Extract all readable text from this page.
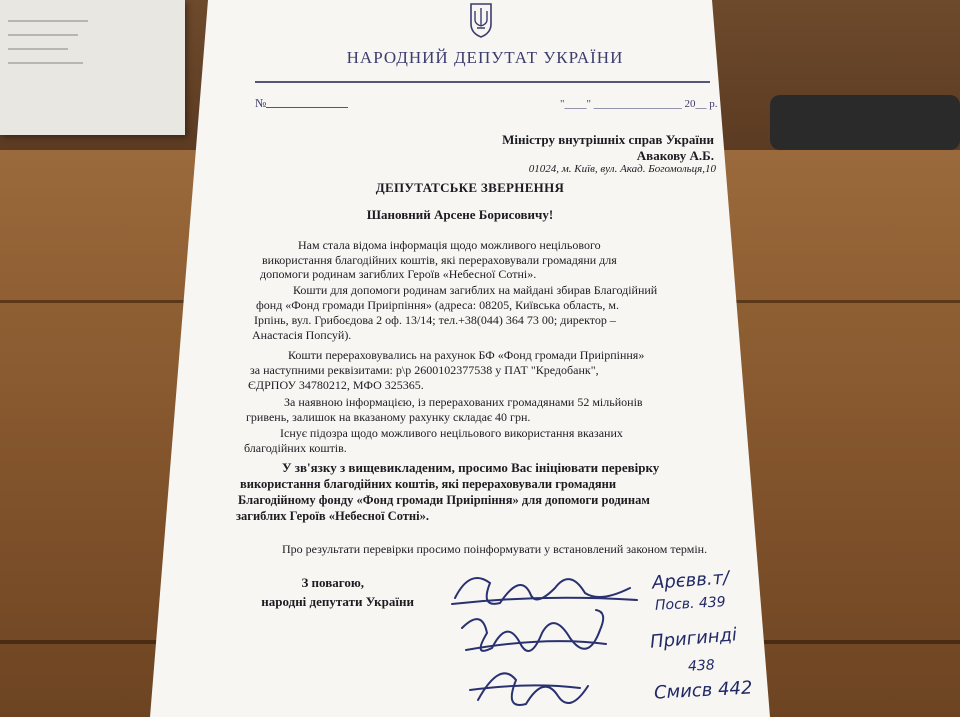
НАРОДНИЙ ДЕПУТАТ УКРАЇНИ
№	"____" ________________ 20__ р.
Міністру внутрішніх справ України
Авакову А.Б.
01024, м. Київ, вул. Акад. Богомольця,10
ДЕПУТАТСЬКЕ ЗВЕРНЕННЯ
Шановний Арсене Борисовичу!
Нам стала відома інформація щодо можливого нецільового
використання благодійних коштів, які перераховували громадяни для
допомоги родинам загиблих Героїв «Небесної Сотні».
Кошти для допомоги родинам загиблих на майдані збирав Благодійний
фонд «Фонд громади Приірпіння» (адреса: 08205, Київська область, м.
Ірпінь, вул. Грибоєдова 2 оф. 13/14; тел.+38(044) 364 73 00; директор –
Анастасія Попсуй).
Кошти перераховувались на рахунок БФ «Фонд громади Приірпіння»
за наступними реквізитами: р\р 2600102377538 у ПАТ "Кредобанк",
ЄДРПОУ 34780212, МФО 325365.
За наявною інформацією, із перерахованих громадянами 52 мільйонів
гривень, залишок на вказаному рахунку складає 40 грн.
Існує підозра щодо можливого нецільового використання вказаних
благодійних коштів.
У зв'язку з вищевикладеним, просимо Вас ініціювати перевірку
використання благодійних коштів, які перераховували громадяни
Благодійному фонду «Фонд громади Приірпіння» для допомоги родинам
загиблих Героїв «Небесної Сотні».
Про результати перевірки просимо поінформувати у встановлений законом термін.
З повагою,
народні депутати України
Арєвв.т/
Посв. 439
Пригинді
438
Смисв 442
